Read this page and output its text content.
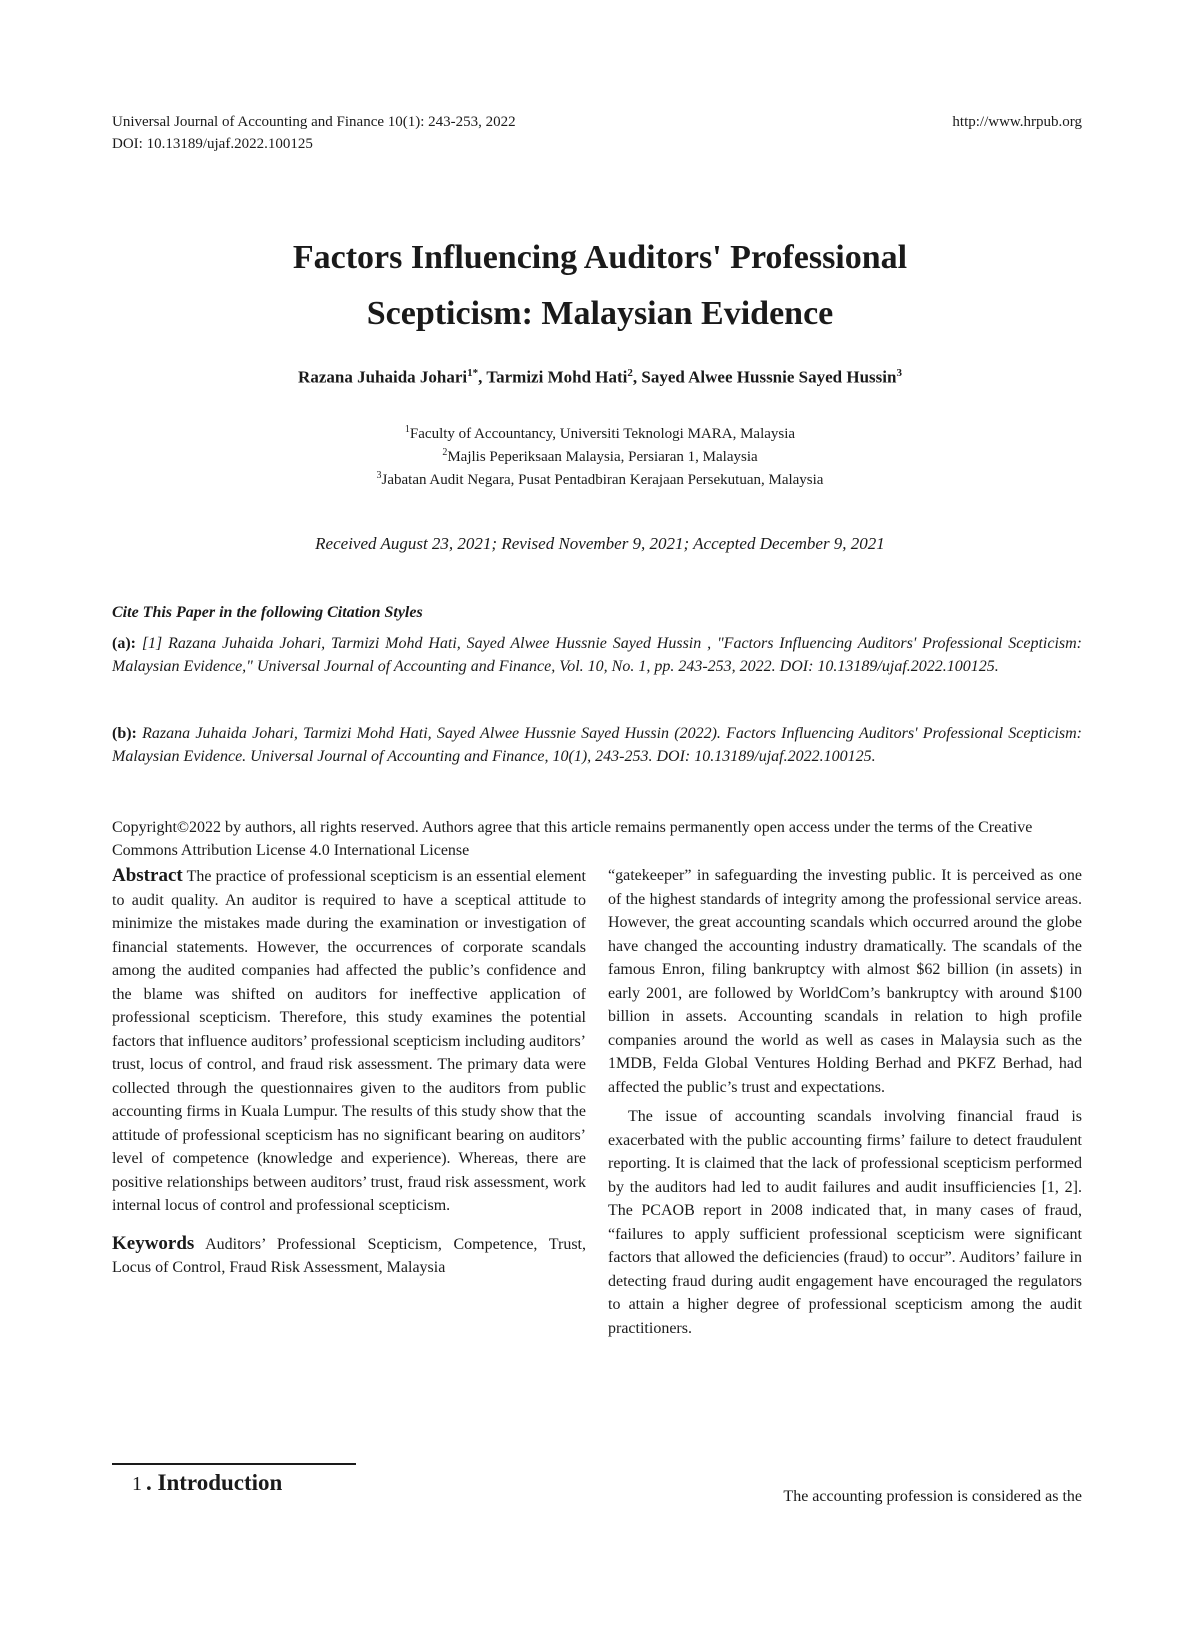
Universal Journal of Accounting and Finance 10(1): 243-253, 2022
DOI: 10.13189/ujaf.2022.100125
http://www.hrpub.org
Factors Influencing Auditors' Professional
Scepticism: Malaysian Evidence
Razana Juhaida Johari$^{1*}$, Tarmizi Mohd Hati$^2$, Sayed Alwee Hussnie Sayed Hussin$^3$
$^1$Faculty of Accountancy, Universiti Teknologi MARA, Malaysia
$^2$Majlis Peperiksaan Malaysia, Persiaran 1, Malaysia
$^3$Jabatan Audit Negara, Pusat Pentadbiran Kerajaan Persekutuan, Malaysia
Received August 23, 2021; Revised November 9, 2021; Accepted December 9, 2021
Cite This Paper in the following Citation Styles
(a): [1] Razana Juhaida Johari, Tarmizi Mohd Hati, Sayed Alwee Hussnie Sayed Hussin , "Factors Influencing Auditors' Professional Scepticism: Malaysian Evidence," Universal Journal of Accounting and Finance, Vol. 10, No. 1, pp. 243-253, 2022. DOI: 10.13189/ujaf.2022.100125.
(b): Razana Juhaida Johari, Tarmizi Mohd Hati, Sayed Alwee Hussnie Sayed Hussin (2022). Factors Influencing Auditors' Professional Scepticism: Malaysian Evidence. Universal Journal of Accounting and Finance, 10(1), 243-253. DOI: 10.13189/ujaf.2022.100125.
Copyright©2022 by authors, all rights reserved. Authors agree that this article remains permanently open access under the terms of the Creative Commons Attribution License 4.0 International License

Abstract The practice of professional scepticism is an essential element to audit quality. An auditor is required to have a sceptical attitude to minimize the mistakes made during the examination or investigation of financial statements. However, the occurrences of corporate scandals among the audited companies had affected the public’s confidence and the blame was shifted on auditors for ineffective application of professional scepticism. Therefore, this study examines the potential factors that influence auditors’ professional scepticism including auditors’ trust, locus of control, and fraud risk assessment. The primary data were collected through the questionnaires given to the auditors from public accounting firms in Kuala Lumpur. The results of this study show that the attitude of professional scepticism has no significant bearing on auditors’ level of competence (knowledge and experience). Whereas, there are positive relationships between auditors’ trust, fraud risk assessment, work internal locus of control and professional scepticism.

Keywords Auditors’ Professional Scepticism, Competence, Trust, Locus of Control, Fraud Risk Assessment, Malaysia

1 . Introduction

“gatekeeper” in safeguarding the investing public. It is perceived as one of the highest standards of integrity among the professional service areas. However, the great accounting scandals which occurred around the globe have changed the accounting industry dramatically. The scandals of the famous Enron, filing bankruptcy with almost $62 billion (in assets) in early 2001, are followed by WorldCom’s bankruptcy with around $100 billion in assets. Accounting scandals in relation to high profile companies around the world as well as cases in Malaysia such as the 1MDB, Felda Global Ventures Holding Berhad and PKFZ Berhad, had affected the public’s trust and expectations.

The issue of accounting scandals involving financial fraud is exacerbated with the public accounting firms’ failure to detect fraudulent reporting. It is claimed that the lack of professional scepticism performed by the auditors had led to audit failures and audit insufficiencies [1, 2]. The PCAOB report in 2008 indicated that, in many cases of fraud, “failures to apply sufficient professional scepticism were significant factors that allowed the deficiencies (fraud) to occur”. Auditors’ failure in detecting fraud during audit engagement have encouraged the regulators to attain a higher degree of professional scepticism among the audit practitioners.

The accounting profession is considered as the
